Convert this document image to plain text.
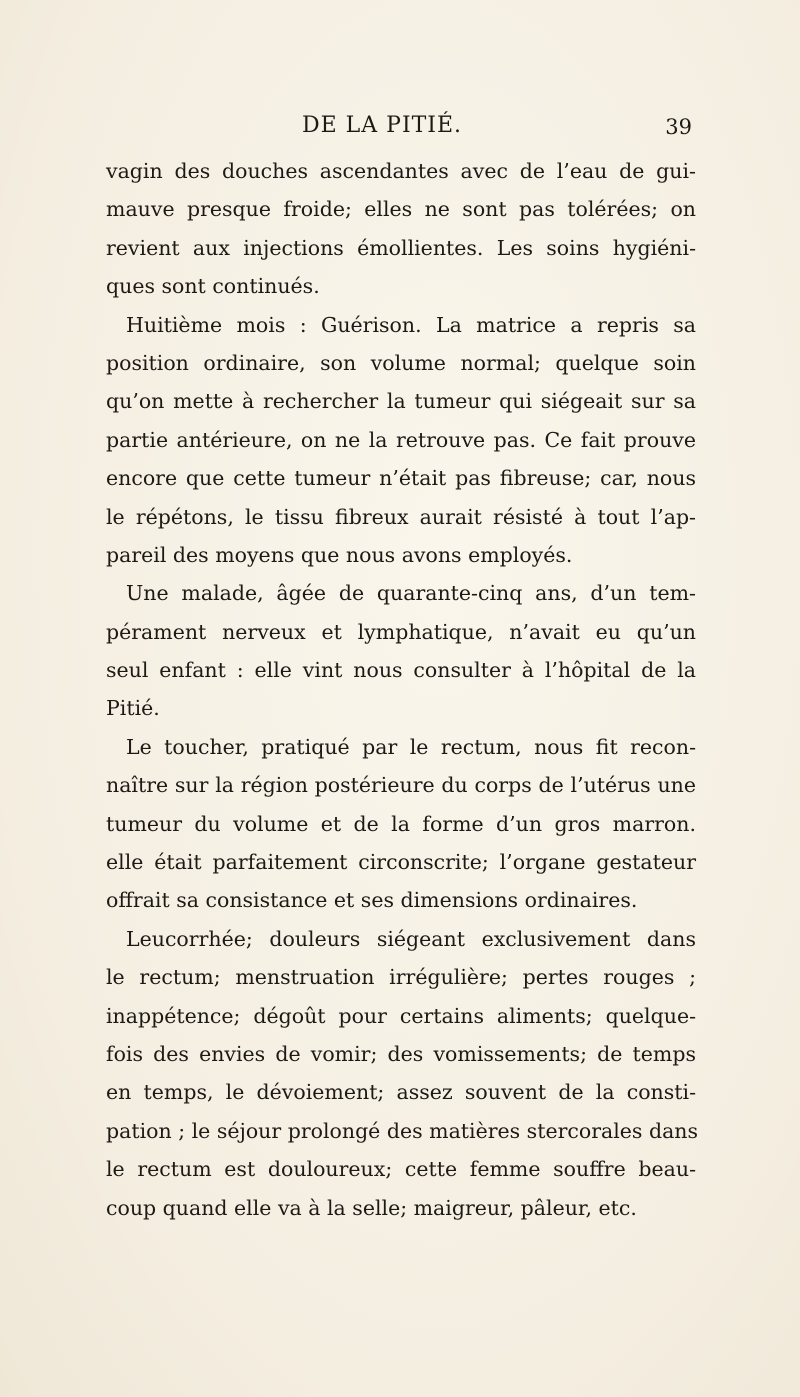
DE LA PITIÉ.	39
vagin des douches ascendantes avec de l’eau de gui-
mauve presque froide; elles ne sont pas tolérées; on
revient aux injections émollientes. Les soins hygiéni-
ques sont continués.
Huitième mois : Guérison. La matrice a repris sa
position ordinaire, son volume normal; quelque soin
qu’on mette à rechercher la tumeur qui siégeait sur sa
partie antérieure, on ne la retrouve pas. Ce fait prouve
encore que cette tumeur n’était pas fibreuse; car, nous
le répétons, le tissu fibreux aurait résisté à tout l’ap-
pareil des moyens que nous avons employés.
Une malade, âgée de quarante-cinq ans, d’un tem-
pérament nerveux et lymphatique, n’avait eu qu’un
seul enfant : elle vint nous consulter à l’hôpital de la
Pitié.
Le toucher, pratiqué par le rectum, nous fit recon-
naître sur la région postérieure du corps de l’utérus une
tumeur du volume et de la forme d’un gros marron.
elle était parfaitement circonscrite; l’organe gestateur
offrait sa consistance et ses dimensions ordinaires.
Leucorrhée; douleurs siégeant exclusivement dans
le rectum; menstruation irrégulière; pertes rouges ;
inappétence; dégoût pour certains aliments; quelque-
fois des envies de vomir; des vomissements; de temps
en temps, le dévoiement; assez souvent de la consti-
pation ; le séjour prolongé des matières stercorales dans
le rectum est douloureux; cette femme souffre beau-
coup quand elle va à la selle; maigreur, pâleur, etc.
